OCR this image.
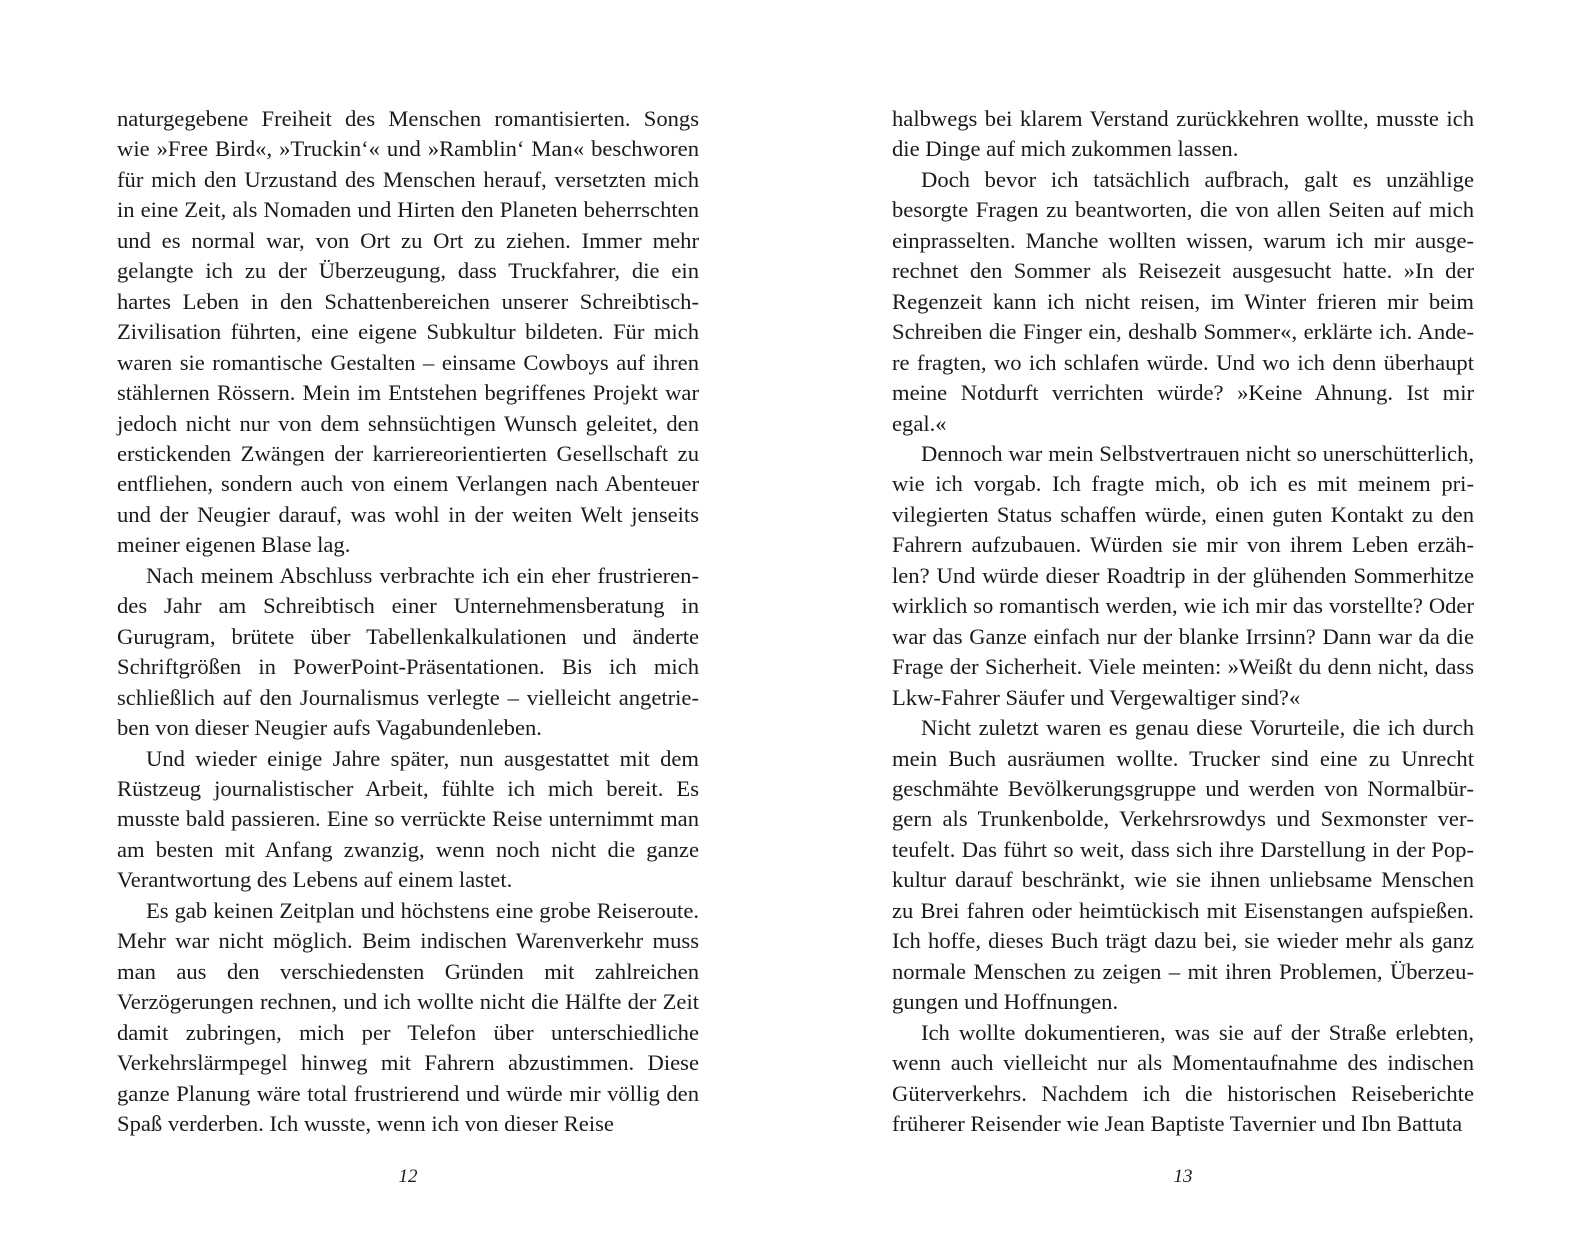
naturgegebene Freiheit des Menschen romantisierten. Songs wie »Free Bird«, »Truckin‘« und »Ramblin‘ Man« beschworen für mich den Urzustand des Menschen herauf, versetzten mich in eine Zeit, als Nomaden und Hirten den Planeten beherrschten und es normal war, von Ort zu Ort zu ziehen. Immer mehr gelangte ich zu der Überzeugung, dass Truckfahrer, die ein hartes Leben in den Schattenbereichen unserer Schreibtisch-Zivilisation führten, eine eigene Subkultur bildeten. Für mich waren sie romantische Gestalten – einsame Cowboys auf ihren stählernen Rössern. Mein im Entstehen begriffenes Projekt war jedoch nicht nur von dem sehnsüchtigen Wunsch geleitet, den erstickenden Zwängen der karriereorientierten Gesellschaft zu entfliehen, sondern auch von einem Verlangen nach Abenteuer und der Neugier darauf, was wohl in der weiten Welt jenseits meiner eigenen Blase lag.

Nach meinem Abschluss verbrachte ich ein eher frustrierendes Jahr am Schreibtisch einer Unternehmensberatung in Gurugram, brütete über Tabellenkalkulationen und änderte Schriftgrößen in PowerPoint-Präsentationen. Bis ich mich schließlich auf den Journalismus verlegte – vielleicht angetrieben von dieser Neugier aufs Vagabundenleben.

Und wieder einige Jahre später, nun ausgestattet mit dem Rüstzeug journalistischer Arbeit, fühlte ich mich bereit. Es musste bald passieren. Eine so verrückte Reise unternimmt man am besten mit Anfang zwanzig, wenn noch nicht die ganze Verantwortung des Lebens auf einem lastet.

Es gab keinen Zeitplan und höchstens eine grobe Reiseroute. Mehr war nicht möglich. Beim indischen Warenverkehr muss man aus den verschiedensten Gründen mit zahlreichen Verzögerungen rechnen, und ich wollte nicht die Hälfte der Zeit damit zubringen, mich per Telefon über unterschiedliche Verkehrslärmpegel hinweg mit Fahrern abzustimmen. Diese ganze Planung wäre total frustrierend und würde mir völlig den Spaß verderben. Ich wusste, wenn ich von dieser Reise

halbwegs bei klarem Verstand zurückkehren wollte, musste ich die Dinge auf mich zukommen lassen.

Doch bevor ich tatsächlich aufbrach, galt es unzählige besorgte Fragen zu beantworten, die von allen Seiten auf mich einprasselten. Manche wollten wissen, warum ich mir ausgerechnet den Sommer als Reisezeit ausgesucht hatte. »In der Regenzeit kann ich nicht reisen, im Winter frieren mir beim Schreiben die Finger ein, deshalb Sommer«, erklärte ich. Andere fragten, wo ich schlafen würde. Und wo ich denn überhaupt meine Notdurft verrichten würde? »Keine Ahnung. Ist mir egal.«

Dennoch war mein Selbstvertrauen nicht so unerschütterlich, wie ich vorgab. Ich fragte mich, ob ich es mit meinem privilegierten Status schaffen würde, einen guten Kontakt zu den Fahrern aufzubauen. Würden sie mir von ihrem Leben erzählen? Und würde dieser Roadtrip in der glühenden Sommerhitze wirklich so romantisch werden, wie ich mir das vorstellte? Oder war das Ganze einfach nur der blanke Irrsinn? Dann war da die Frage der Sicherheit. Viele meinten: »Weißt du denn nicht, dass Lkw-Fahrer Säufer und Vergewaltiger sind?«

Nicht zuletzt waren es genau diese Vorurteile, die ich durch mein Buch ausräumen wollte. Trucker sind eine zu Unrecht geschmähte Bevölkerungsgruppe und werden von Normalbürgern als Trunkenbolde, Verkehrsrowdys und Sexmonster verteufelt. Das führt so weit, dass sich ihre Darstellung in der Popkultur darauf beschränkt, wie sie ihnen unliebsame Menschen zu Brei fahren oder heimtückisch mit Eisenstangen aufspießen. Ich hoffe, dieses Buch trägt dazu bei, sie wieder mehr als ganz normale Menschen zu zeigen – mit ihren Problemen, Überzeugungen und Hoffnungen.

Ich wollte dokumentieren, was sie auf der Straße erlebten, wenn auch vielleicht nur als Momentaufnahme des indischen Güterverkehrs. Nachdem ich die historischen Reiseberichte früherer Reisender wie Jean Baptiste Tavernier und Ibn Battuta

12	13
